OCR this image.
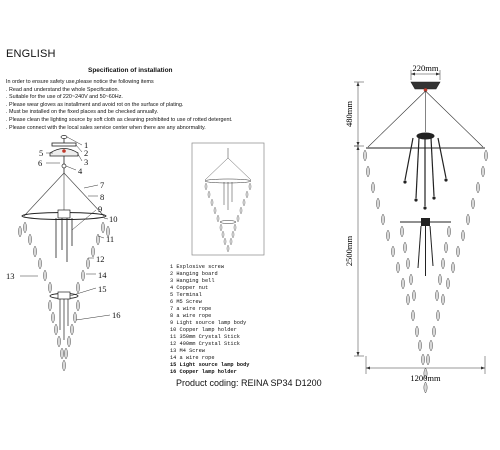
ENGLISH
Specification of installation
In order to ensure safety use,please notice the following items
. Read and understand the whole Specification.
. Suitable for the use of 220~240V and 50~60Hz.
. Please wear gloves as installment and avoid rot on the surface of plating.
. Must be installed on the fixed places and be checked annually.
. Please clean the lighting source by soft cloth as cleaning prohibited to use of rotted detergent.
. Please connect with the local sales service center when there are any abnormality.
1 Explosive screw
2 Hanging board
3 Hanging bell
4 Copper nut
5 Terminal
6 M5 Screw
7 a wire rope
8 a wire rope
9 Light source lamp body
10 Copper lamp holder
11 350mm Crystal Stick
12 400mm Crystal Stick
13 M4 Screw
14 a wire rope
15 Light source lamp body
16 Copper lamp holder
Product coding: REINA SP34 D1200
220mm
480mm
2500mm
1200mm
1
2
3
4
5
6
7
8
9
10
11
12
13	14
15
16
